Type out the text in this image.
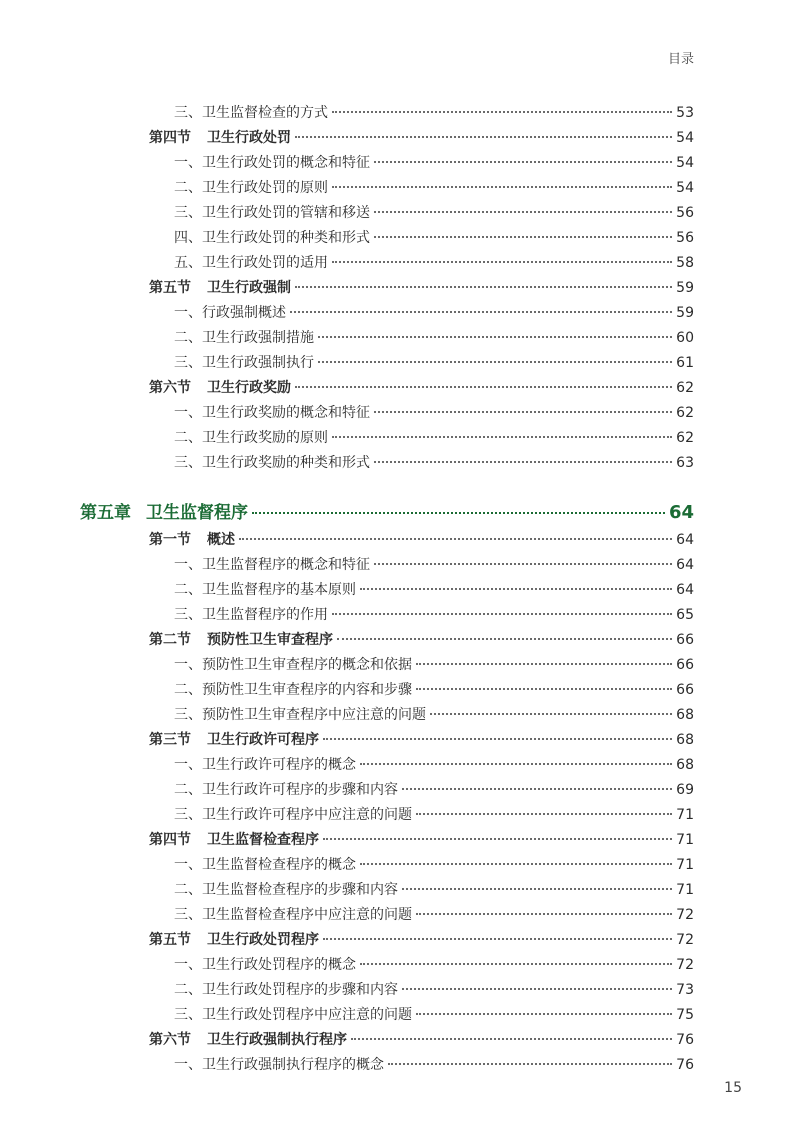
目录
三、卫生监督检查的方式	53
第四节	卫生行政处罚	54
一、卫生行政处罚的概念和特征	54
二、卫生行政处罚的原则	54
三、卫生行政处罚的管辖和移送	56
四、卫生行政处罚的种类和形式	56
五、卫生行政处罚的适用	58
第五节	卫生行政强制	59
一、行政强制概述	59
二、卫生行政强制措施	60
三、卫生行政强制执行	61
第六节	卫生行政奖励	62
一、卫生行政奖励的概念和特征	62
二、卫生行政奖励的原则	62
三、卫生行政奖励的种类和形式	63
第五章 卫生监督程序	64
第一节	概述	64
一、卫生监督程序的概念和特征	64
二、卫生监督程序的基本原则	64
三、卫生监督程序的作用	65
第二节	预防性卫生审查程序	66
一、预防性卫生审查程序的概念和依据	66
二、预防性卫生审查程序的内容和步骤	66
三、预防性卫生审查程序中应注意的问题	68
第三节	卫生行政许可程序	68
一、卫生行政许可程序的概念	68
二、卫生行政许可程序的步骤和内容	69
三、卫生行政许可程序中应注意的问题	71
第四节	卫生监督检查程序	71
一、卫生监督检查程序的概念	71
二、卫生监督检查程序的步骤和内容	71
三、卫生监督检查程序中应注意的问题	72
第五节	卫生行政处罚程序	72
一、卫生行政处罚程序的概念	72
二、卫生行政处罚程序的步骤和内容	73
三、卫生行政处罚程序中应注意的问题	75
第六节	卫生行政强制执行程序	76
一、卫生行政强制执行程序的概念	76
15
